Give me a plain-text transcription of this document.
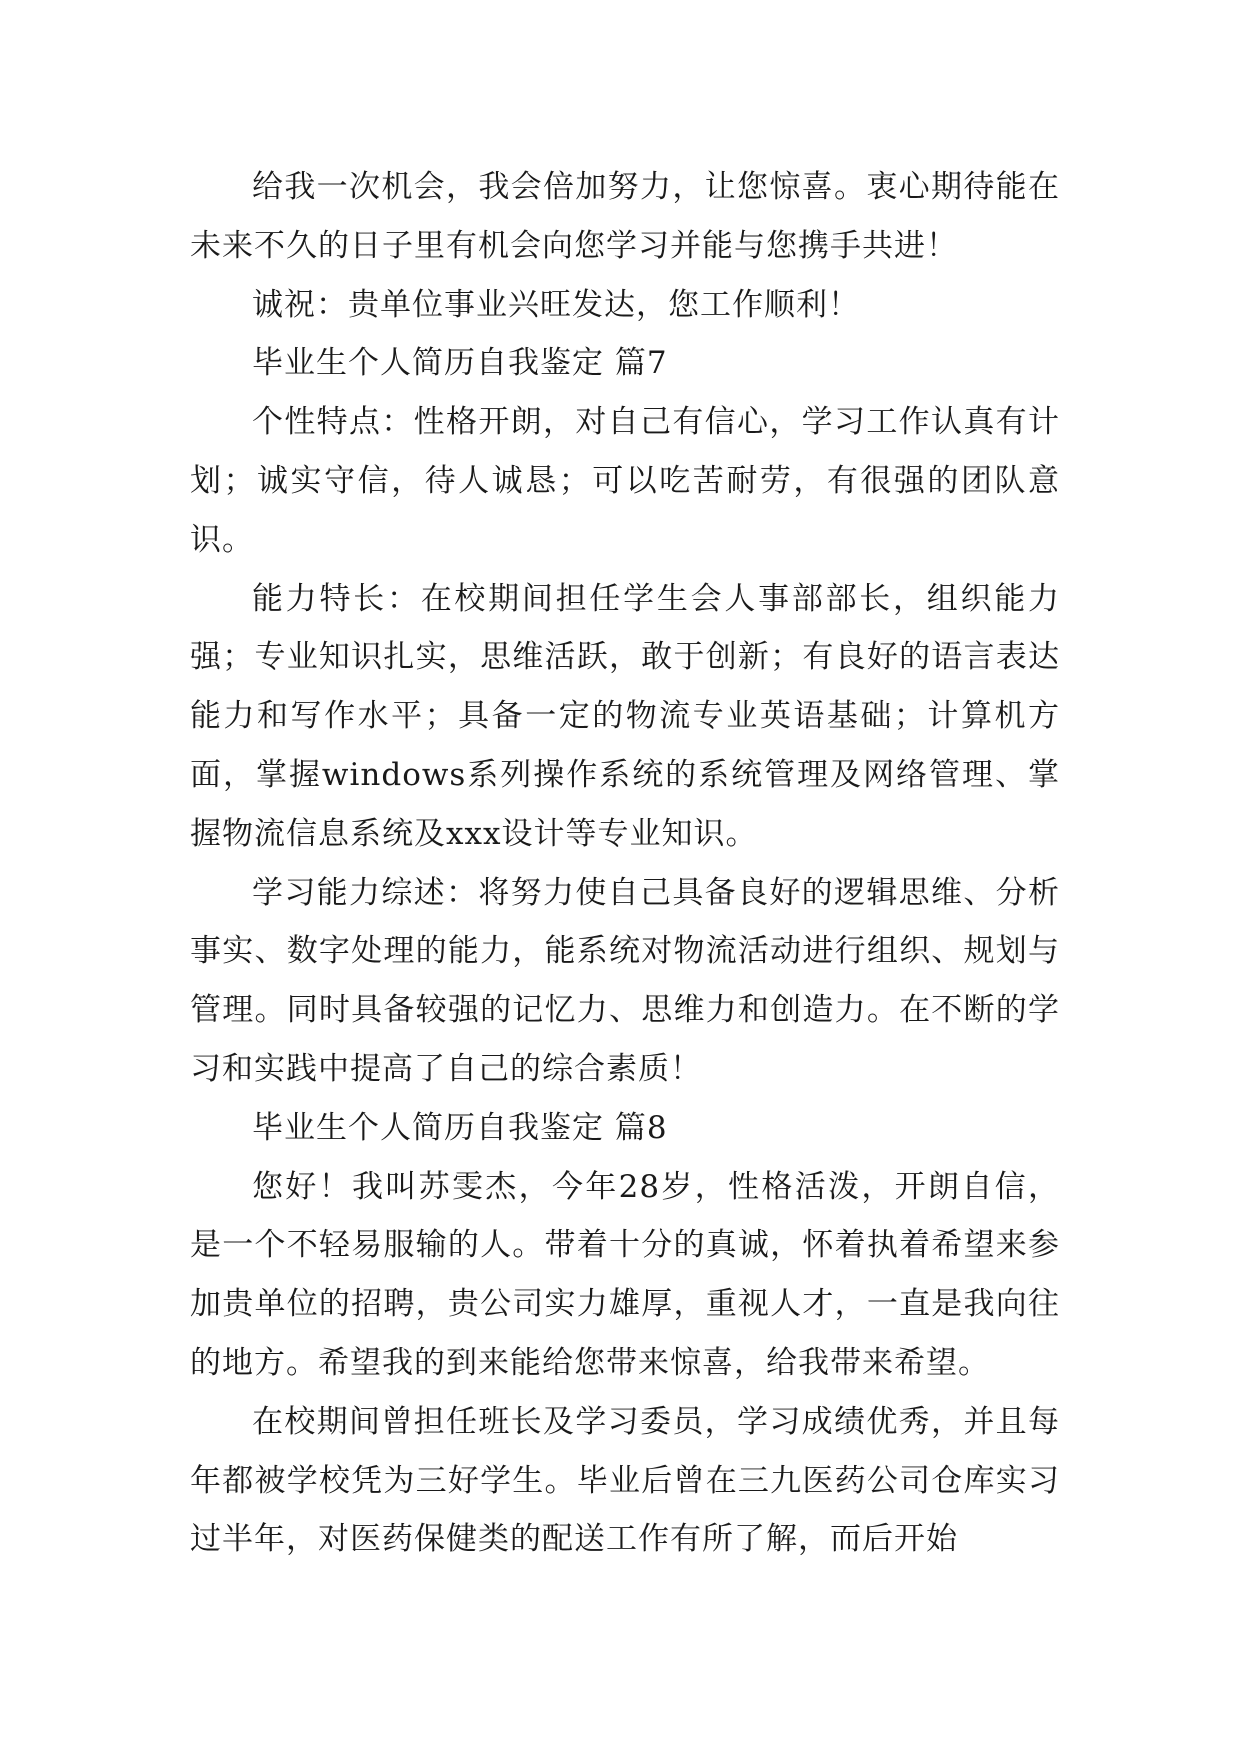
给我一次机会，我会倍加努力，让您惊喜。衷心期待能在未来不久的日子里有机会向您学习并能与您携手共进！

诚祝：贵单位事业兴旺发达，您工作顺利！

毕业生个人简历自我鉴定 篇7

个性特点：性格开朗，对自己有信心，学习工作认真有计划；诚实守信，待人诚恳；可以吃苦耐劳，有很强的团队意识。

能力特长：在校期间担任学生会人事部部长，组织能力强；专业知识扎实，思维活跃，敢于创新；有良好的语言表达能力和写作水平；具备一定的物流专业英语基础；计算机方面，掌握windows系列操作系统的系统管理及网络管理、掌握物流信息系统及xxx设计等专业知识。

学习能力综述：将努力使自己具备良好的逻辑思维、分析事实、数字处理的能力，能系统对物流活动进行组织、规划与管理。同时具备较强的记忆力、思维力和创造力。在不断的学习和实践中提高了自己的综合素质！

毕业生个人简历自我鉴定 篇8

您好！我叫苏雯杰，今年28岁，性格活泼，开朗自信，是一个不轻易服输的人。带着十分的真诚，怀着执着希望来参加贵单位的招聘，贵公司实力雄厚，重视人才，一直是我向往的地方。希望我的到来能给您带来惊喜，给我带来希望。

在校期间曾担任班长及学习委员，学习成绩优秀，并且每年都被学校凭为三好学生。毕业后曾在三九医药公司仓库实习过半年，对医药保健类的配送工作有所了解，而后开始
